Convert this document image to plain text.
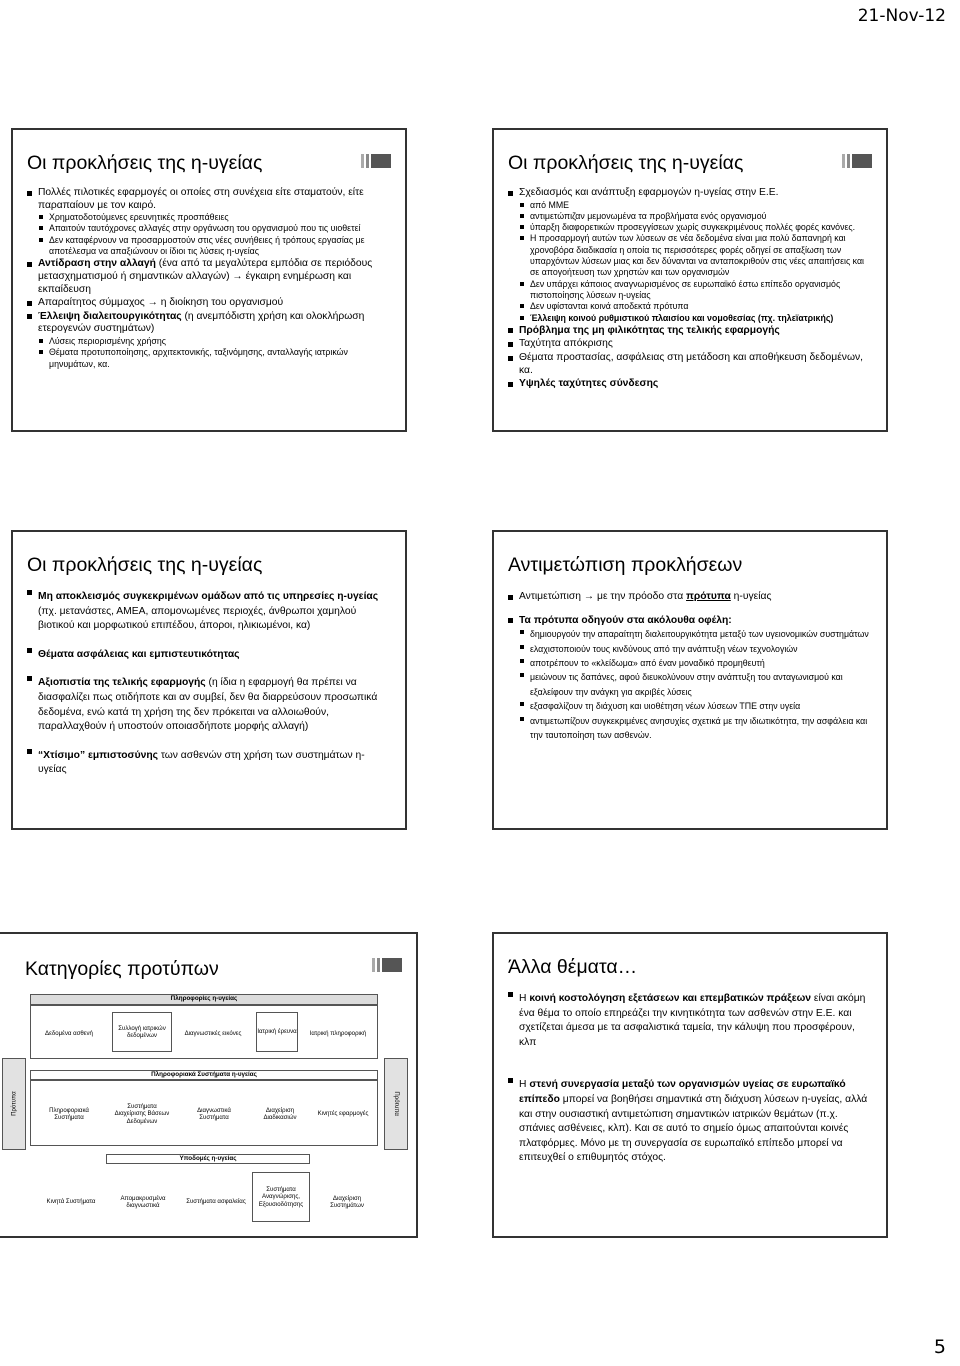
21-Nov-12
Οι προκλήσεις της η-υγείας
Πολλές πιλοτικές εφαρμογές οι οποίες στη συνέχεια είτε σταματούν, είτε παραπαίουν με τον καιρό.
Χρηματοδοτούμενες ερευνητικές προσπάθειες
Απαιτούν ταυτόχρονες αλλαγές στην οργάνωση του οργανισμού που τις υιοθετεί
Δεν καταφέρνουν να προσαρμοστούν στις νέες συνήθειες ή τρόπους εργασίας με αποτέλεσμα να απαξιώνουν οι ίδιοι τις λύσεις η-υγείας
Αντίδραση στην αλλαγή (ένα από τα μεγαλύτερα εμπόδια σε περιόδους μετασχηματισμού ή σημαντικών αλλαγών) → έγκαιρη ενημέρωση και εκπαίδευση
Απαραίτητος σύμμαχος → η διοίκηση του οργανισμού
Έλλειψη διαλειτουργικότητας (η ανεμπόδιστη χρήση και ολοκλήρωση ετερογενών συστημάτων)
Λύσεις περιορισμένης χρήσης
Θέματα προτυποποίησης, αρχιτεκτονικής, ταξινόμησης, ανταλλαγής ιατρικών μηνυμάτων, κα.
Οι προκλήσεις της η-υγείας
Σχεδιασμός και ανάπτυξη εφαρμογών η-υγείας στην Ε.Ε.
από ΜΜΕ
αντιμετώπιζαν μεμονωμένα τα προβλήματα ενός οργανισμού
ύπαρξη διαφορετικών προσεγγίσεων χωρίς συγκεκριμένους πολλές φορές κανόνες.
Η προσαρμογή αυτών των λύσεων σε νέα δεδομένα είναι μια πολύ δαπανηρή και χρονοβόρα διαδικασία η οποία τις περισσότερες φορές οδηγεί σε απαξίωση των υπαρχόντων λύσεων μιας και δεν δύνανται να ανταποκριθούν στις νέες απαιτήσεις και σε απογοήτευση των χρηστών και των οργανισμών
Δεν υπάρχει κάποιος αναγνωρισμένος σε ευρωπαϊκό έστω επίπεδο οργανισμός πιστοποίησης λύσεων η-υγείας
Δεν υφίστανται κοινά αποδεκτά πρότυπα
Έλλειψη κοινού ρυθμιστικού πλαισίου και νομοθεσίας (πχ. τηλεϊατρικής)
Πρόβλημα της μη φιλικότητας της τελικής εφαρμογής
Ταχύτητα απόκρισης
Θέματα προστασίας, ασφάλειας στη μετάδοση και αποθήκευση δεδομένων, κα.
Υψηλές ταχύτητες σύνδεσης
Οι προκλήσεις της η-υγείας
Μη αποκλεισμός συγκεκριμένων ομάδων από τις υπηρεσίες η-υγείας (πχ. μετανάστες, ΑΜΕΑ, απομονωμένες περιοχές, άνθρωποι χαμηλού βιοτικού και μορφωτικού επιπέδου, άποροι, ηλικιωμένοι, κα)
Θέματα ασφάλειας και εμπιστευτικότητας
Αξιοπιστία της τελικής εφαρμογής (η ίδια η εφαρμογή θα πρέπει να διασφαλίζει πως οτιδήποτε και αν συμβεί, δεν θα διαρρεύσουν προσωπικά δεδομένα, ενώ κατά τη χρήση της δεν πρόκειται να αλλοιωθούν, παραλλαχθούν ή υποστούν οποιασδήποτε μορφής αλλαγή)
“Χτίσιμο” εμπιστοσύνης των ασθενών στη χρήση των συστημάτων η-υγείας
Αντιμετώπιση προκλήσεων
Αντιμετώπιση → με την πρόοδο στα πρότυπα η-υγείας
Τα πρότυπα οδηγούν στα ακόλουθα οφέλη:
δημιουργούν την απαραίτητη διαλειτουργικότητα μεταξύ των υγειονομικών συστημάτων
ελαχιστοποιούν τους κινδύνους από την ανάπτυξη νέων τεχνολογιών
αποτρέπουν το «κλείδωμα» από έναν μοναδικό προμηθευτή
μειώνουν τις δαπάνες, αφού διευκολύνουν στην ανάπτυξη του ανταγωνισμού και εξαλείφουν την ανάγκη για ακριβές λύσεις
εξασφαλίζουν τη διάχυση και υιοθέτηση νέων λύσεων ΤΠΕ στην υγεία
αντιμετωπίζουν συγκεκριμένες ανησυχίες σχετικά με την ιδιωτικότητα, την ασφάλεια και την ταυτοποίηση των ασθενών.
Κατηγορίες προτύπων
Πληροφορίες η-υγείας
Δεδομένα ασθενή
Συλλογή ιατρικών δεδομένων	Διαγνωστικές εικόνες	Ιατρική έρευνα	Ιατρική πληροφορική
Πρότυπα	Πρότυπα
Πληροφοριακά Συστήματα η-υγείας
Πληροφοριακά Συστήματα
Συστήματα Διαχείρισης Βάσεων Δεδομένων
Διαγνωστικά Συστήματα
Διαχείριση Διαδικασιών
Κινητές εφαρμογές
Υποδομές η-υγείας
Κινητά Συστήματα
Απομακρυσμένα διαγνωστικά
Συστήματα ασφαλείας
Συστήματα Αναγνώρισης, Εξουσιοδότησης
Διαχείριση Συστημάτων
Άλλα θέματα…
Η κοινή κοστολόγηση εξετάσεων και επεμβατικών πράξεων είναι ακόμη ένα θέμα το οποίο επηρεάζει την κινητικότητα των ασθενών στην Ε.Ε. και σχετίζεται άμεσα με τα ασφαλιστικά ταμεία, την κάλυψη που προσφέρουν, κλπ
Η στενή συνεργασία μεταξύ των οργανισμών υγείας σε ευρωπαϊκό επίπεδο μπορεί να βοηθήσει σημαντικά στη διάχυση λύσεων η-υγείας, αλλά και στην ουσιαστική αντιμετώπιση σημαντικών ιατρικών θεμάτων (π.χ. σπάνιες ασθένειες, κλπ). Και σε αυτό το σημείο όμως απαιτούνται κοινές πλατφόρμες. Μόνο με τη συνεργασία σε ευρωπαϊκό επίπεδο μπορεί να επιτευχθεί ο επιθυμητός στόχος.
5
